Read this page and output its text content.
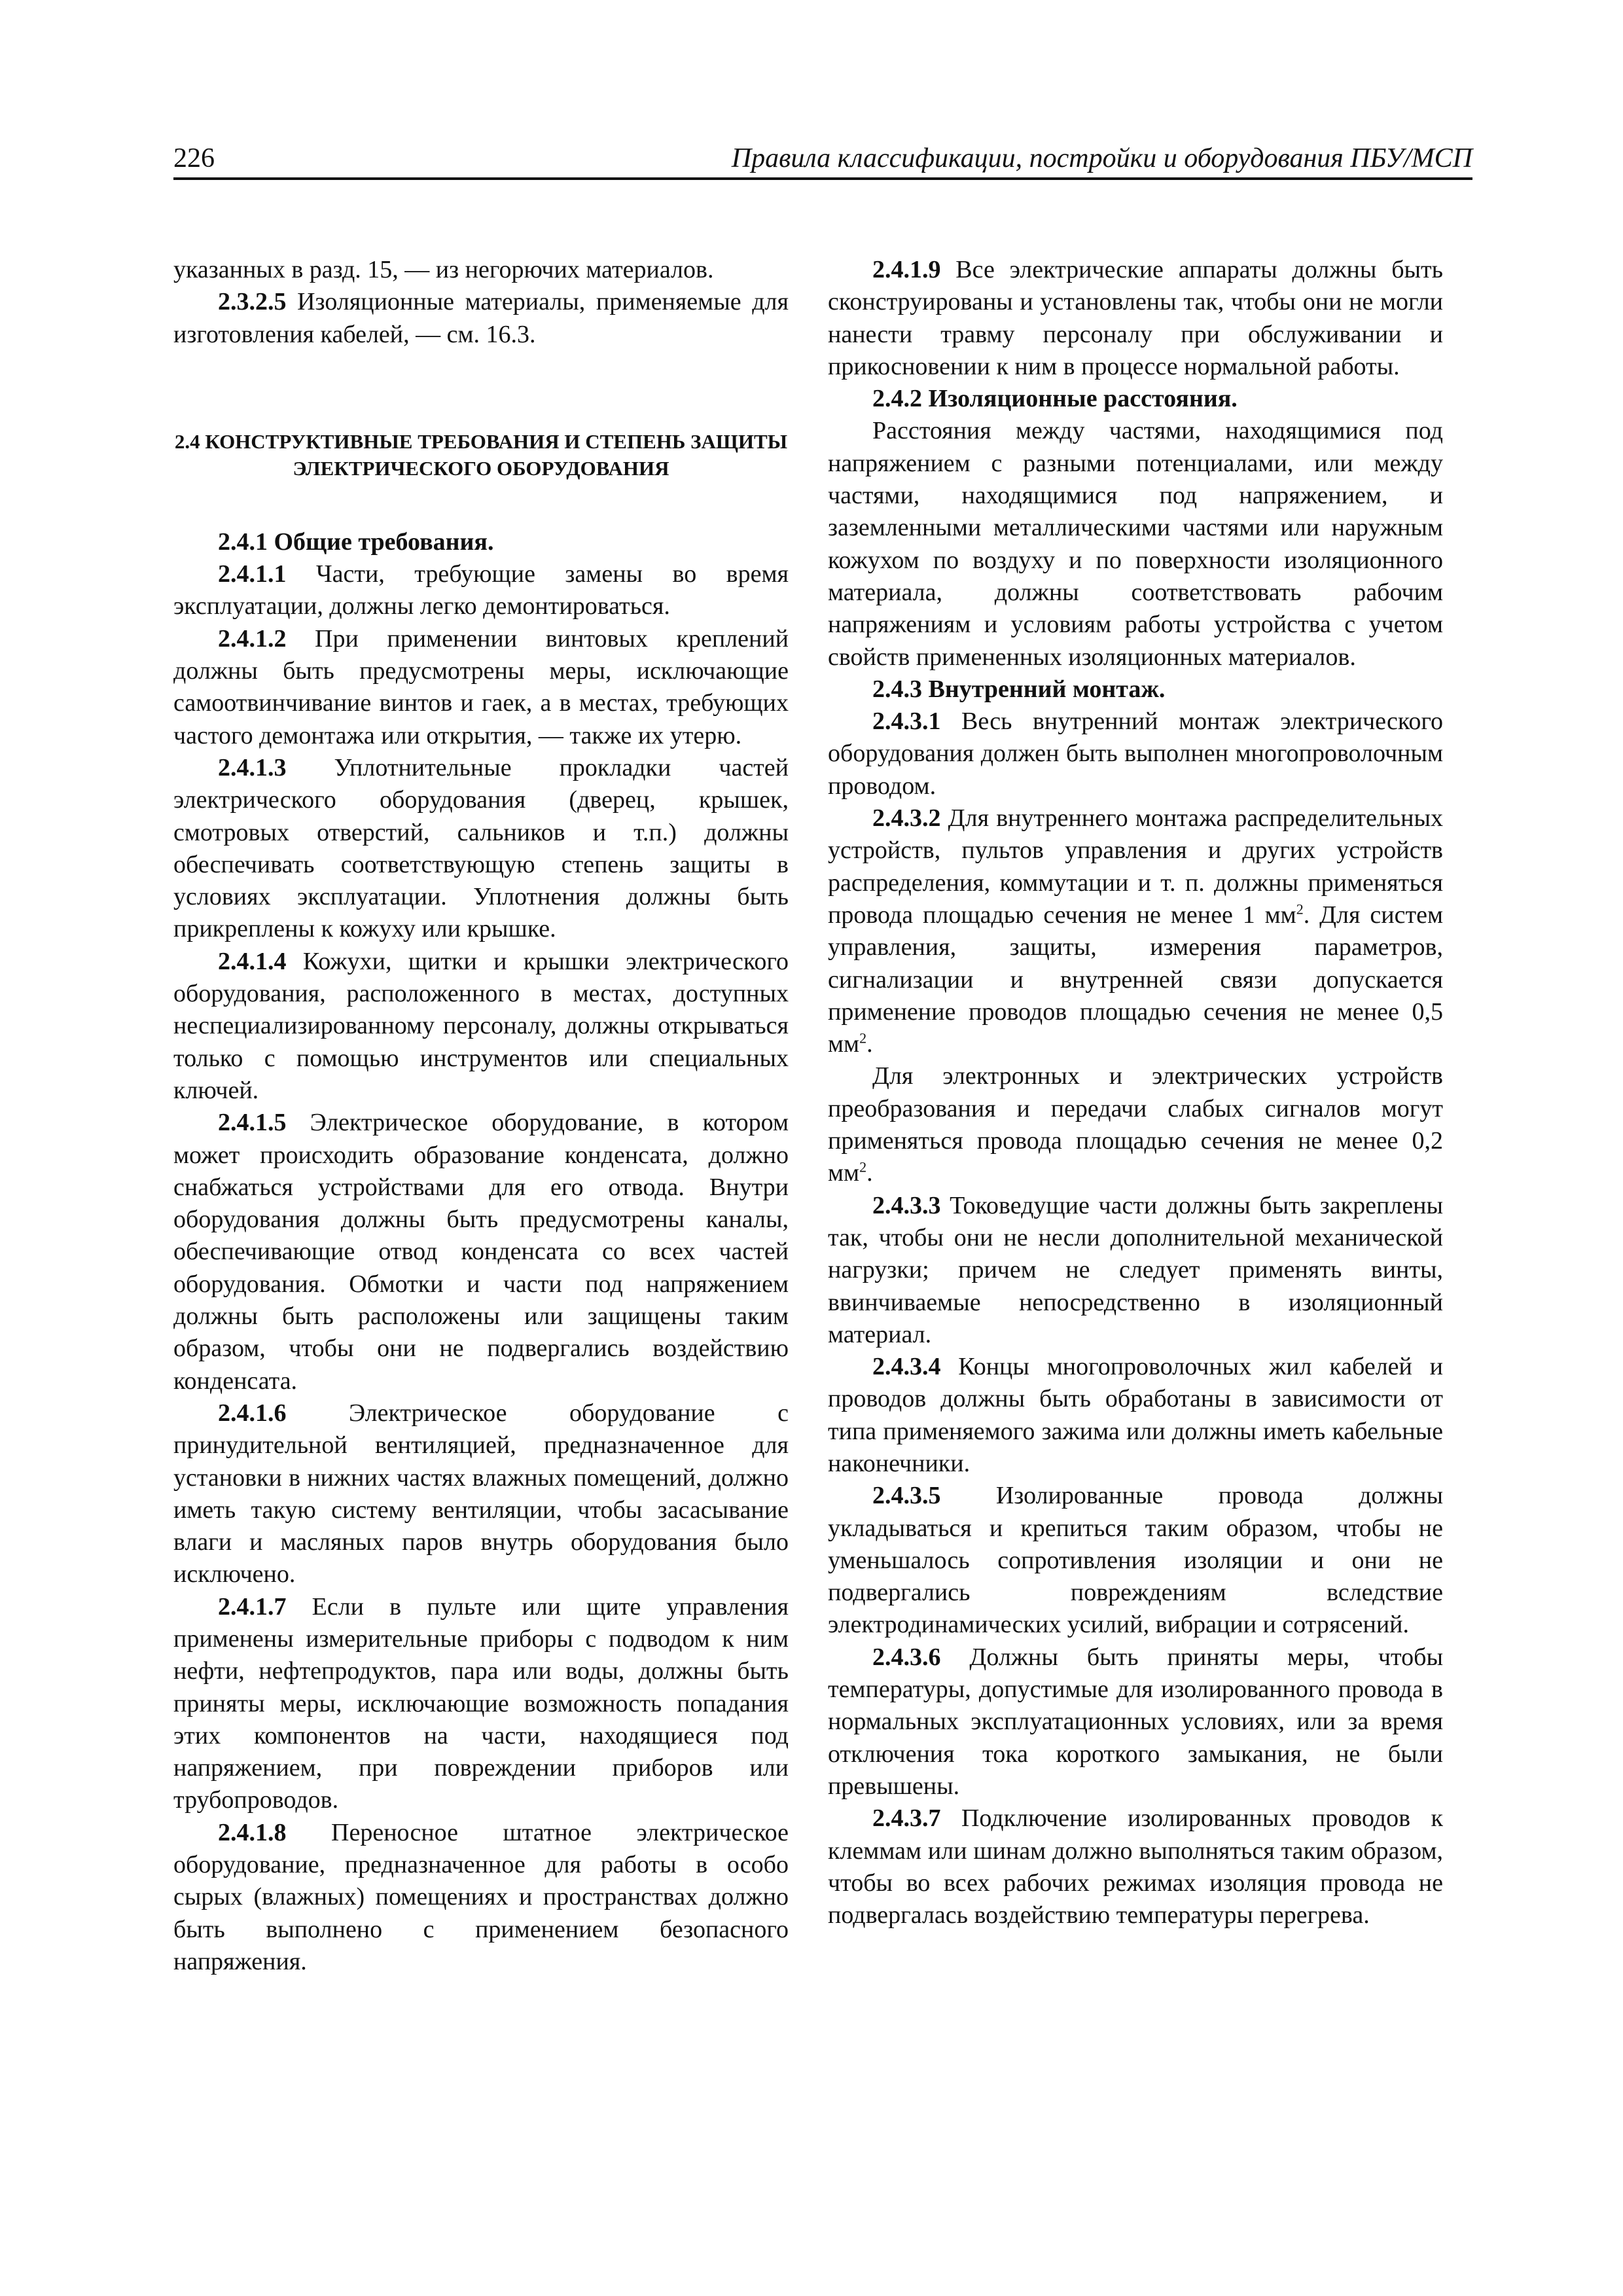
226	Правила классификации, постройки и оборудования ПБУ/МСП

указанных в разд. 15, — из негорючих материалов.

2.3.2.5 Изоляционные материалы, применяемые для изготовления кабелей, — см. 16.3.

2.4 КОНСТРУКТИВНЫЕ ТРЕБОВАНИЯ И СТЕПЕНЬ ЗАЩИТЫ ЭЛЕКТРИЧЕСКОГО ОБОРУДОВАНИЯ

2.4.1 Общие требования.

2.4.1.1 Части, требующие замены во время эксплуатации, должны легко демонтироваться.

2.4.1.2 При применении винтовых креплений должны быть предусмотрены меры, исключающие самоотвинчивание винтов и гаек, а в местах, требующих частого демонтажа или открытия, — также их утерю.

2.4.1.3 Уплотнительные прокладки частей электрического оборудования (дверец, крышек, смотровых отверстий, сальников и т.п.) должны обеспечивать соответствующую степень защиты в условиях эксплуатации. Уплотнения должны быть прикреплены к кожуху или крышке.

2.4.1.4 Кожухи, щитки и крышки электрического оборудования, расположенного в местах, доступных неспециализированному персоналу, должны открываться только с помощью инструментов или специальных ключей.

2.4.1.5 Электрическое оборудование, в котором может происходить образование конденсата, должно снабжаться устройствами для его отвода. Внутри оборудования должны быть предусмотрены каналы, обеспечивающие отвод конденсата со всех частей оборудования. Обмотки и части под напряжением должны быть расположены или защищены таким образом, чтобы они не подвергались воздействию конденсата.

2.4.1.6 Электрическое оборудование с принудительной вентиляцией, предназначенное для установки в нижних частях влажных помещений, должно иметь такую систему вентиляции, чтобы засасывание влаги и масляных паров внутрь оборудования было исключено.

2.4.1.7 Если в пульте или щите управления применены измерительные приборы с подводом к ним нефти, нефтепродуктов, пара или воды, должны быть приняты меры, исключающие возможность попадания этих компонентов на части, находящиеся под напряжением, при повреждении приборов или трубопроводов.

2.4.1.8 Переносное штатное электрическое оборудование, предназначенное для работы в особо сырых (влажных) помещениях и пространствах должно быть выполнено с применением безопасного напряжения.

2.4.1.9 Все электрические аппараты должны быть сконструированы и установлены так, чтобы они не могли нанести травму персоналу при обслуживании и прикосновении к ним в процессе нормальной работы.

2.4.2 Изоляционные расстояния.

Расстояния между частями, находящимися под напряжением с разными потенциалами, или между частями, находящимися под напряжением, и заземленными металлическими частями или наружным кожухом по воздуху и по поверхности изоляционного материала, должны соответствовать рабочим напряжениям и условиям работы устройства с учетом свойств примененных изоляционных материалов.

2.4.3 Внутренний монтаж.

2.4.3.1 Весь внутренний монтаж электрического оборудования должен быть выполнен многопроволочным проводом.

2.4.3.2 Для внутреннего монтажа распределительных устройств, пультов управления и других устройств распределения, коммутации и т. п. должны применяться провода площадью сечения не менее 1 $мм^2$. Для систем управления, защиты, измерения параметров, сигнализации и внутренней связи допускается применение проводов площадью сечения не менее 0,5 $мм^2$.

Для электронных и электрических устройств преобразования и передачи слабых сигналов могут применяться провода площадью сечения не менее 0,2 $мм^2$.

2.4.3.3 Токоведущие части должны быть закреплены так, чтобы они не несли дополнительной механической нагрузки; причем не следует применять винты, ввинчиваемые непосредственно в изоляционный материал.

2.4.3.4 Концы многопроволочных жил кабелей и проводов должны быть обработаны в зависимости от типа применяемого зажима или должны иметь кабельные наконечники.

2.4.3.5 Изолированные провода должны укладываться и крепиться таким образом, чтобы не уменьшалось сопротивления изоляции и они не подвергались повреждениям вследствие электродинамических усилий, вибрации и сотрясений.

2.4.3.6 Должны быть приняты меры, чтобы температуры, допустимые для изолированного провода в нормальных эксплуатационных условиях, или за время отключения тока короткого замыкания, не были превышены.

2.4.3.7 Подключение изолированных проводов к клеммам или шинам должно выполняться таким образом, чтобы во всех рабочих режимах изоляция провода не подвергалась воздействию температуры перегрева.
